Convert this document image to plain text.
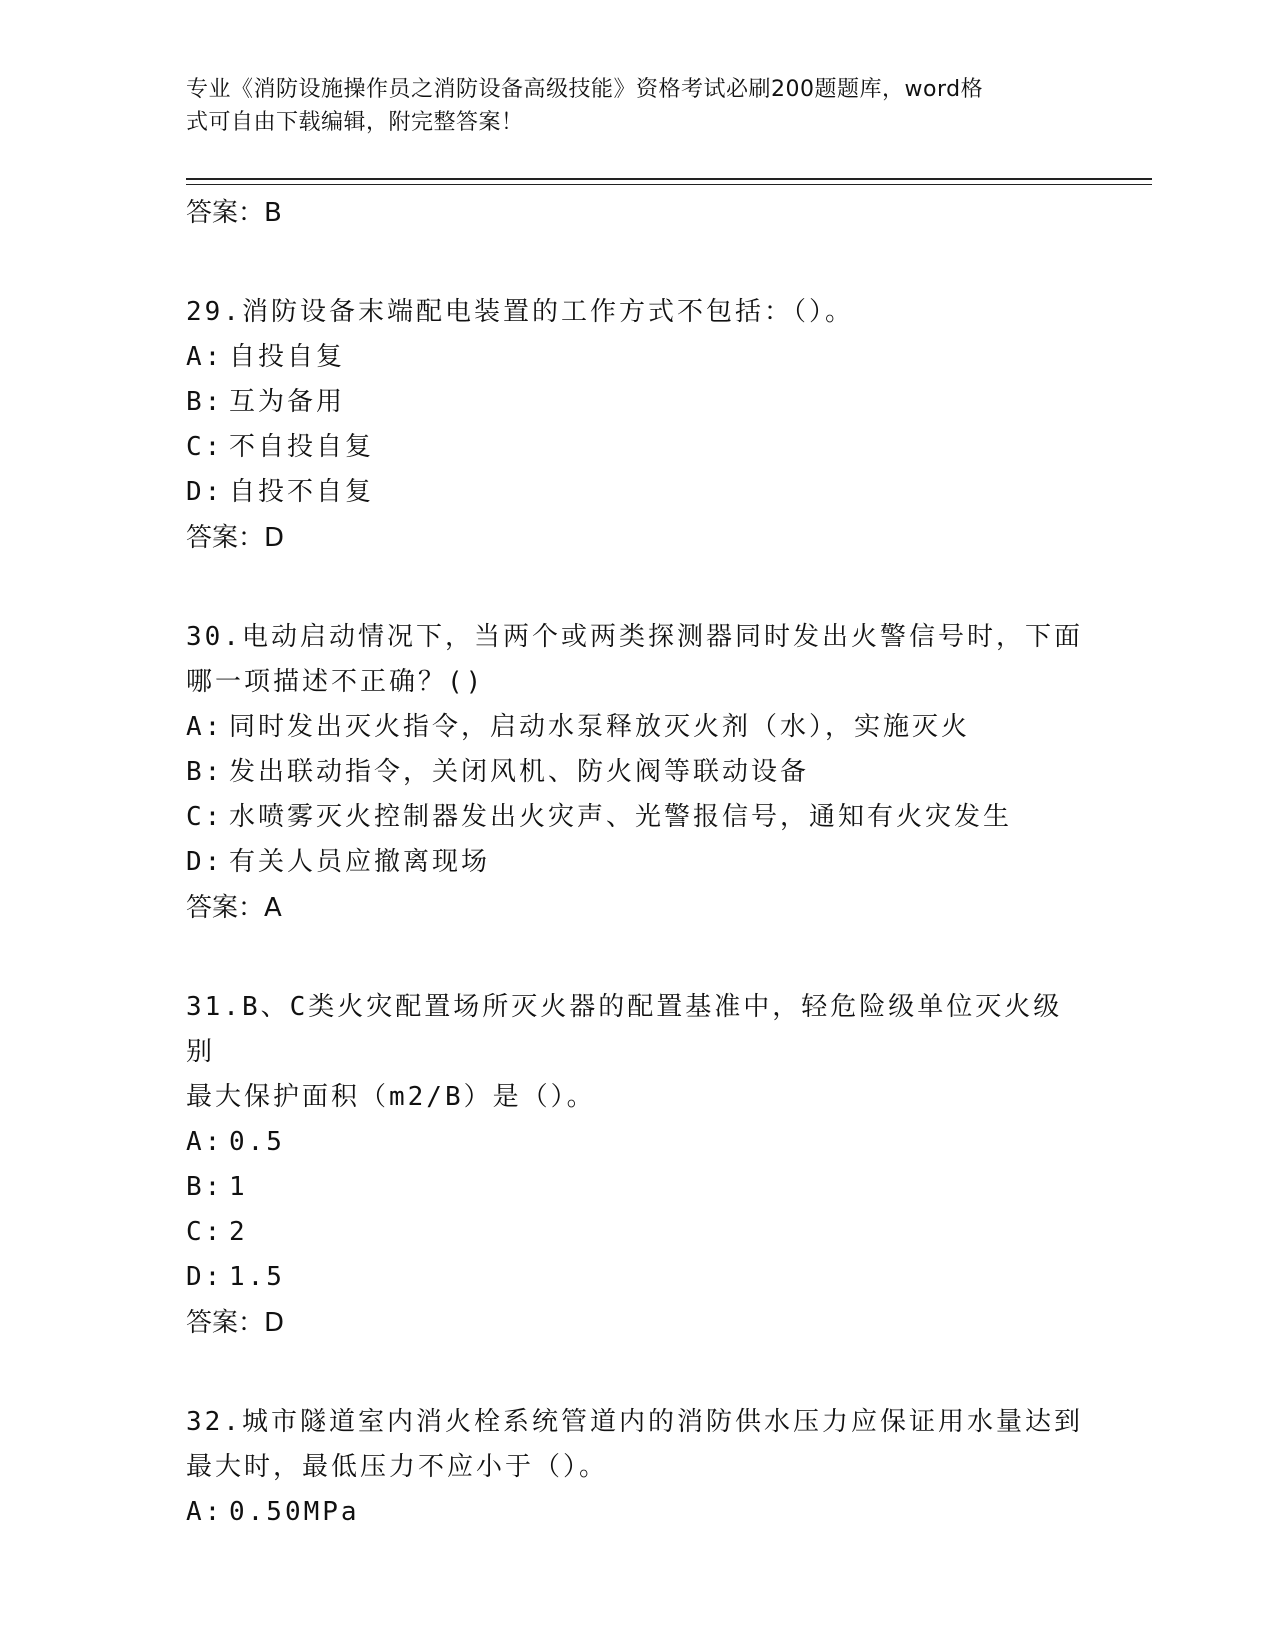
专业《消防设施操作员之消防设备高级技能》资格考试必刷200题题库，word格
式可自由下载编辑，附完整答案！
答案：B
29.消防设备末端配电装置的工作方式不包括：（）。
A: 自投自复
B: 互为备用
C: 不自投自复
D: 自投不自复
答案：D
30.电动启动情况下，当两个或两类探测器同时发出火警信号时，下面
哪一项描述不正确？()
A: 同时发出灭火指令，启动水泵释放灭火剂（水），实施灭火
B: 发出联动指令，关闭风机、防火阀等联动设备
C: 水喷雾灭火控制器发出火灾声、光警报信号，通知有火灾发生
D: 有关人员应撤离现场
答案：A
31.B、C类火灾配置场所灭火器的配置基准中，轻危险级单位灭火级别
最大保护面积（m2/B）是（）。
A: 0.5
B: 1
C: 2
D: 1.5
答案：D
32.城市隧道室内消火栓系统管道内的消防供水压力应保证用水量达到
最大时，最低压力不应小于（）。
A: 0.50MPa
